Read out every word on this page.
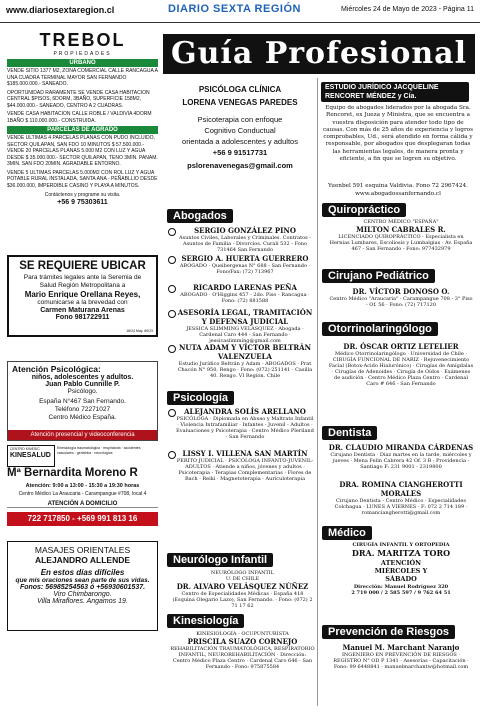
www.diariosextaregion.cl	DIARIO SEXTA REGIÓN	Miércoles 24 de Mayo de 2023 - Página 11
TREBOL
PROPIEDADES
URBANO
VENDE SITIO 1377 M2, ZONA COMERCIAL CALLE RANCAGUA A UNA CUADRA TERMINAL MAYOR SAN FERNANDO $185.000.000.- SANEADO.
OPORTUNIDAD RARAMENTE SE VENDE CASA HABITACION CENTRAL $PISOS, 6DORM, 3BAÑO, SUPERFICIE 158M2, $44.000.000.- SANEADO, CENTRO A 2 CUADRAS.
VENDE CASA HABITACION CALLE ROBLE / VALDIVIA 4DORM 1BAÑO $ 110.000.000.- CONSTRUIDA.
PARCELAS DE AGRADO
VENDE ULTIMAS 4 PARCELAS PLANAS CON PUDO INCLUIDO, SECTOR QUILAPAN, SAN FDO 10 MINUTOS $ 57.500.000.- VENDE 20 PARCELAS PLANAS 5.000 M2 CON LUZ Y AGUA DESDE $ 35.000.000.- SECTOR QUILAPAN, TENO 3MIN. PANAM. 3MIN. SAN FDO 20MIN. AGRADABLE ENTORNO.
VENDE 5 ULTIMAS PARCELAS 5.000M2 CON ROL LUZ Y AGUA POTABLE RURAL INSTALADA, SANTA ANA - PEÑABLLIO DESDE $36.000.000, IMPERDIBLE CASINO Y PLAYA A MINUTOS.
Contáctenos y programe su visita.
+56 9 75303611
SE REQUIERE UBICAR
Para trámites legales ante la Seremia de
Salud Región Metropolitana a
Mario Enrique Orellana Reyes,
comunicarse a la brevedad con
Carmen Maturana Arenas
Fono 981722911
18/24 May. 69/23
Atención Psicológica:
niños, adolescentes y adultos.
Juan Pablo Cunnille P.
Psicólogo.
España N°467 San Fernando.
Teléfono 72271027
Centro Médico España.
Atención presencial y videoconferencia
CENTRO KINESIC
KINESALUD
Kinesiología traumatológica · respiratoria · accidentes vasculares · geriátrica · neurológica
Mª Bernardita Moreno R
Atención: 9:00 a 13:00 - 15:30 a 19:30 horas
Centro Médico La Araucaria - Carampangue #708, local 4
ATENCIÓN A DOMICILIO
722 717850 - +569 991 813 16
MASAJES ORIENTALES
ALEJANDRO ALLENDE
En estos días difíciles
que mis oraciones sean parte de sus vidas.
Fonos: 56985254563 ó +56930601537.
Viro Chimbarongo.
Villa Miraflores. Angamos 19.
Guía Profesional
PSICÓLOGA CLÍNICA
LORENA VENEGAS PAREDES
Psicoterapia con enfoque
Cognitivo Conductual
orientada a adolescentes y adultos
+56 9 91517731
pslorenavenegas@gmail.com
Abogados
SERGIO GONZÁLEZ PINO
Asuntos Civiles, Laborales y Criminales. Contratos - Asuntos de Familia - Divorcios. Curalí 532 - Fono 731464 San Fernando
SERGIO A. HUERTA GUERRERO
ABOGADO · Queibergenas N° 688 - San Fernando · Fono/Fax: (72) 713967
RICARDO LARENAS PEÑA
ABOGADO · O'Higgins 457 - 2do. Piso - Rancagua · Fono: (72) 881588
ASESORÍA LEGAL, TRAMITACIÓN Y DEFENSA JUDICIAL
JESSICA SLIMMING VELÁSQUEZ · Abogada · Cardenal Caro 444 - San Fernando · jessicaslimming@gmail.com
NUTA ADAM Y VÍCTOR BELTRÁN VALENZUELA
Estudio Jurídico Beltrán y Adam · ABOGADOS · Prat Chacón N° 950, Rengo · Fono: (072) 251141 · Casilla 40. Rengo. VI Región. Chile
Psicología
ALEJANDRA SOLÍS ARELLANO
PSICÓLOGA · Diplomada en Abuso y Maltrato Infantil · Violencia Intrafamiliar · Infantes - Juvenil - Adultos · Evaluaciones y Psicoterapia · Centro Médico Pleriland - San Fernando
LISSY I. VILLENA SAN MARTÍN
PERITO JUDICIAL · PSICÓLOGA INFANTO-JUVENIL-ADULTOS · Atiende a niños, jóvenes y adultos · Psicoterapia - Terapias Complementarias · Flores de Bach · Reiki · Magnetoterapia · Auriculoterapia
Neurólogo Infantil
NEURÓLOGO INFANTIL
U. DE CHILE
DR. ALVARO VELÁSQUEZ NÚÑEZ
Centro de Especialidades Médicas · España 418 (Esquina Olegario Lazo), San Fernando. · Fono: (072) 2 71 17 62
Kinesiología
KINESIOLOGÍA - OCUPUNTURISTA
PRISCILA SUAZO CORNEJO
REHABILITACIÓN TRAUMATOLÓGICA, RESPIRATORIO INFANTIL, NEUROREHABILITACIÓN · Dirección: Centro Médico Plaza Centro · Cardenal Caro 646 - San Fernando - Fono: 975875584
ESTUDIO JURÍDICO JACQUELINE RENCORET MÉNDEZ y Cía.
Equipo de abogados liderados por la abogada Sra. Rencoret, ex Jueza y Ministra, que se encuentra a vuestra disposición para atender todo tipo de causas. Con más de 25 años de experiencia y logros comprobables, Ud., será atendido en forma cálida y responsable, por abogados que desplegaran todas las herramientas legales, de manera pronta y eficiente, a fin que se logren su objetivo.
Yuenbel 591 esquina Valdivia. Fono 72 2967424.
www.abogadossanfernando.cl
Quiropráctico
CENTRO MÉDICO "ESPAÑA"
MILTON CABRALES R.
LICENCIADO QUIROPRÁCTICO · Especialista en Hernias Lumbares, Escoliosis y Lumbalgias · Av. España 467 - San Fernando - Fono: 977432979
Cirujano Pediátrico
DR. VÍCTOR DONOSO O.
Centro Médico "Araucaria" · Carampangue 708 - 3° Piso - Of. 56 · Fono: (72) 717120
Otorrinolaringólogo
DR. ÓSCAR ORTIZ LETELIER
Médico Otorrinolaringólogo · Universidad de Chile · CIRUGÍA FUNCIONAL DE NARIZ · Rejuvenecimiento Facial (Botox-Acido Hialurónico) · Cirugías de Amígdalas · Cirugías de Adenoides · Cirugía de Oídos · Exámenes de audición · Centro Médico Plaza Centro · Cardenal Caro # 646 - San Fernando
Dentista
DR. CLAUDIO MIRANDA CÁRDENAS
Cirujano Dentista · Diaz martes en la tarde, miércoles y jueves · Mena Felin Cabrera 42 Of. 3 B · Providencia - Santiago F: 231 9001 - 2319800
DRA. ROMINA CIANGHEROTTI MORALES
Cirujano Dentista - Centro Médico · Especialidades Colchagua · LUNES A VIERNES · F: 072 2 714 189 · romanciangherotti@gmail.com
Médico
CIRUGÍA INFANTIL Y ORTOPEDIA
DRA. MARITZA TORO
ATENCIÓN MIÉRCOLES Y SÁBADO
Dirección: Manuel Rodríguez 320
2 719 000 / 2 585 597 / 9 762 64 51
Prevención de Riesgos
Manuel M. Marchant Naranjo
INGENIERO EN PREVENCIÓN DE RIESGOS · REGISTRO N° OD P 1341 · Asesorías - Capacitación · Fono: 99 6448841 · manuelmarchantw@hotmail.com
